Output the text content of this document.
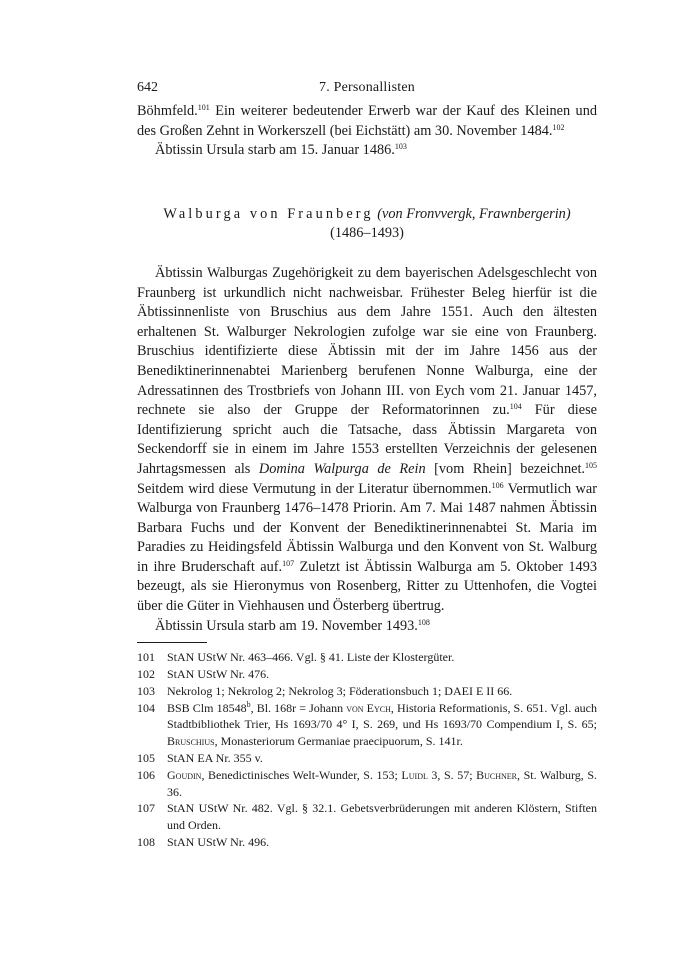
642	7. Personallisten

Böhmfeld.$^{101}$ Ein weiterer bedeutender Erwerb war der Kauf des Kleinen und des Großen Zehnt in Workerszell (bei Eichstätt) am 30. November 1484.$^{102}$

Äbtissin Ursula starb am 15. Januar 1486.$^{103}$

Walburga von Fraunberg (von Fronvvergk, Frawnbergerin)

(1486–1493)

Äbtissin Walburgas Zugehörigkeit zu dem bayerischen Adelsgeschlecht von Fraunberg ist urkundlich nicht nachweisbar. Frühester Beleg hierfür ist die Äbtissinnenliste von Bruschius aus dem Jahre 1551. Auch den ältesten erhaltenen St. Walburger Nekrologien zufolge war sie eine von Fraunberg. Bruschius identifizierte diese Äbtissin mit der im Jahre 1456 aus der Benediktinerinnenabtei Marienberg berufenen Nonne Walburga, eine der Adressatinnen des Trostbriefs von Johann III. von Eych vom 21. Januar 1457, rechnete sie also der Gruppe der Reformatorinnen zu.$^{104}$ Für diese Identifizierung spricht auch die Tatsache, dass Äbtissin Margareta von Seckendorff sie in einem im Jahre 1553 erstellten Verzeichnis der gelesenen Jahrtagsmessen als Domina Walpurga de Rein [vom Rhein] bezeichnet.$^{105}$ Seitdem wird diese Vermutung in der Literatur übernommen.$^{106}$ Vermutlich war Walburga von Fraunberg 1476–1478 Priorin. Am 7. Mai 1487 nahmen Äbtissin Barbara Fuchs und der Konvent der Benediktinerinnenabtei St. Maria im Paradies zu Heidingsfeld Äbtissin Walburga und den Konvent von St. Walburg in ihre Bruderschaft auf.$^{107}$ Zuletzt ist Äbtissin Walburga am 5. Oktober 1493 bezeugt, als sie Hieronymus von Rosenberg, Ritter zu Uttenhofen, die Vogtei über die Güter in Viehhausen und Österberg übertrug.

Äbtissin Ursula starb am 19. November 1493.$^{108}$

101	StAN UStW Nr. 463–466. Vgl. § 41. Liste der Klostergüter.
102	StAN UStW Nr. 476.
103	Nekrolog 1; Nekrolog 2; Nekrolog 3; Föderationsbuch 1; DAEI E II 66.
104	BSB Clm 18548$^b$, Bl. 168r = Johann von Eych, Historia Reformationis, S. 651. Vgl. auch Stadtbibliothek Trier, Hs 1693/70 4° I, S. 269, und Hs 1693/70 Compendium I, S. 65; Bruschius, Monasteriorum Germaniae praecipuorum, S. 141r.
105	StAN EA Nr. 355 v.
106	Goudin, Benedictinisches Welt-Wunder, S. 153; Luidl 3, S. 57; Buchner, St. Walburg, S. 36.
107	StAN UStW Nr. 482. Vgl. § 32.1. Gebetsverbrüderungen mit anderen Klöstern, Stiften und Orden.
108	StAN UStW Nr. 496.
